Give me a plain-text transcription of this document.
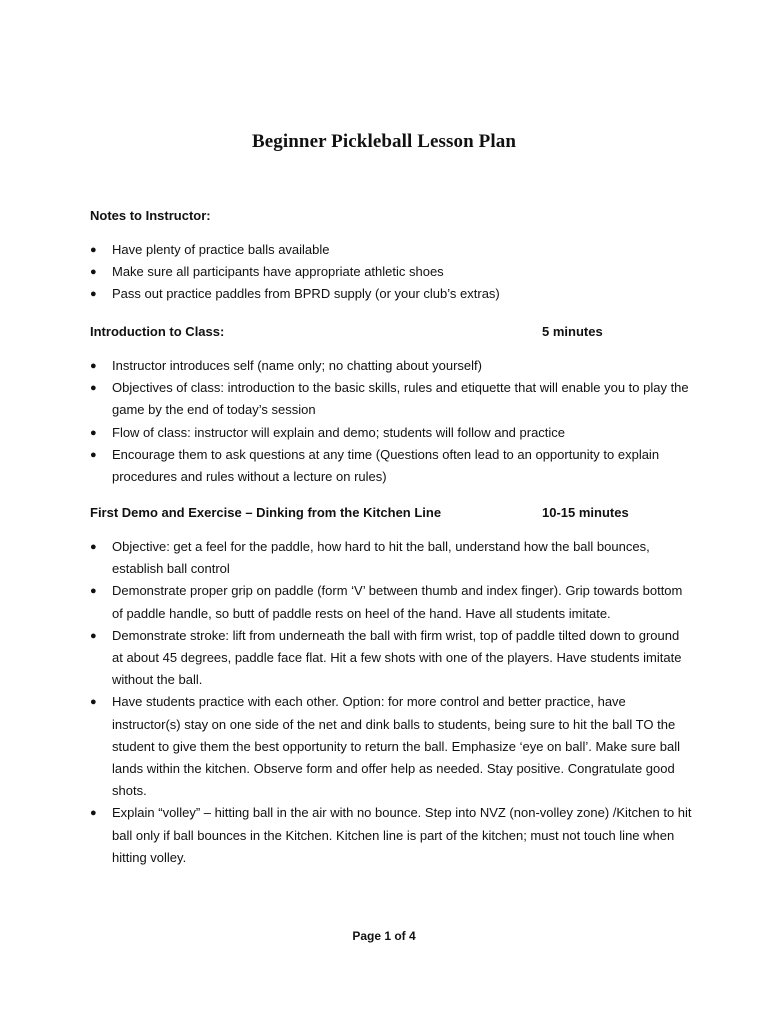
Beginner Pickleball Lesson Plan
Notes to Instructor:
● Have plenty of practice balls available
● Make sure all participants have appropriate athletic shoes
● Pass out practice paddles from BPRD supply (or your club’s extras)
Introduction to Class:	5 minutes
● Instructor introduces self (name only; no chatting about yourself)
● Objectives of class: introduction to the basic skills, rules and etiquette that will enable you to play the game by the end of today’s session
● Flow of class: instructor will explain and demo; students will follow and practice
● Encourage them to ask questions at any time (Questions often lead to an opportunity to explain procedures and rules without a lecture on rules)
First Demo and Exercise – Dinking from the Kitchen Line	10-15 minutes
● Objective: get a feel for the paddle, how hard to hit the ball, understand how the ball bounces, establish ball control
● Demonstrate proper grip on paddle (form ‘V’ between thumb and index finger). Grip towards bottom of paddle handle, so butt of paddle rests on heel of the hand. Have all students imitate.
● Demonstrate stroke: lift from underneath the ball with firm wrist, top of paddle tilted down to ground at about 45 degrees, paddle face flat. Hit a few shots with one of the players. Have students imitate without the ball.
● Have students practice with each other. Option: for more control and better practice, have instructor(s) stay on one side of the net and dink balls to students, being sure to hit the ball TO the student to give them the best opportunity to return the ball. Emphasize ‘eye on ball’. Make sure ball lands within the kitchen. Observe form and offer help as needed. Stay positive. Congratulate good shots.
● Explain “volley” – hitting ball in the air with no bounce. Step into NVZ (non-volley zone) /Kitchen to hit ball only if ball bounces in the Kitchen. Kitchen line is part of the kitchen; must not touch line when hitting volley.
Page 1 of 4
